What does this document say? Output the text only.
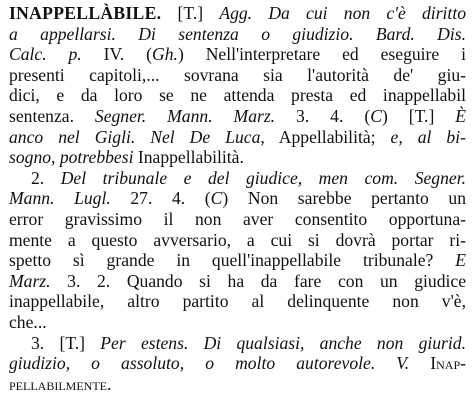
INAPPELLÀBILE. [T.] Agg. Da cui non c'è diritto
a appellarsi. Di sentenza o giudizio. Bard. Dis.
Calc. p. IV. (Gh.) Nell'interpretare ed eseguire i
presenti capitoli,... sovrana sia l'autorità de' giu-
dici, e da loro se ne attenda presta ed inappellabil
sentenza. Segner. Mann. Marz. 3. 4. (C) [T.] È
anco nel Gigli. Nel De Luca, Appellabilità; e, al bi-
sogno, potrebbesi Inappellabilità.
2. Del tribunale e del giudice, men com. Segner.
Mann. Lugl. 27. 4. (C) Non sarebbe pertanto un
error gravissimo il non aver consentito opportuna-
mente a questo avversario, a cui si dovrà portar ri-
spetto sì grande in quell'inappellabile tribunale? E
Marz. 3. 2. Quando si ha da fare con un giudice
inappellabile, altro partito al delinquente non v'è,
che...
3. [T.] Per estens. Di qualsiasi, anche non giurid.
giudizio, o assoluto, o molto autorevole. V. Inap-
pellabilmente.
